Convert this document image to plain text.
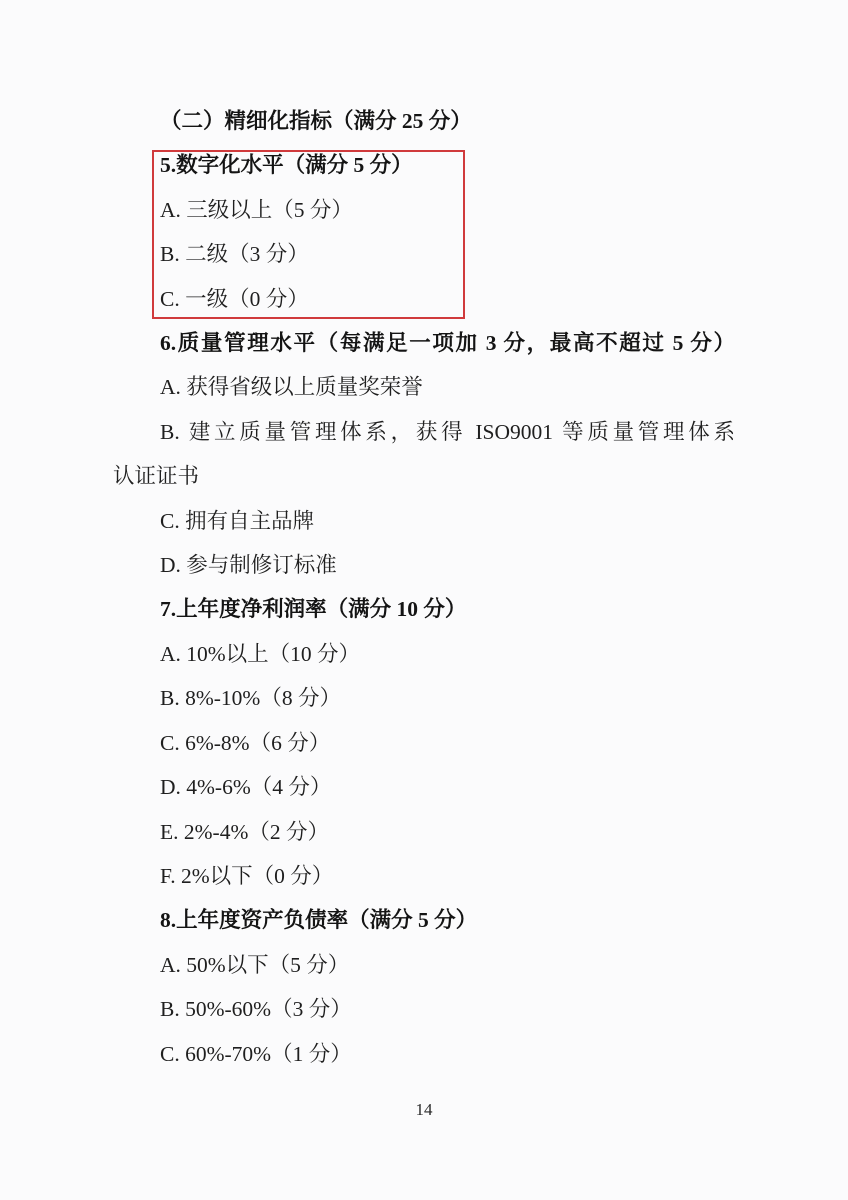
（二）精细化指标（满分 25 分）

5.数字化水平（满分 5 分）

A. 三级以上（5 分）

B. 二级（3 分）

C. 一级（0 分）

6.质量管理水平（每满足一项加 3 分，最高不超过 5 分）

A. 获得省级以上质量奖荣誉

B. 建立质量管理体系，获得 ISO9001 等质量管理体系

认证证书

C. 拥有自主品牌

D. 参与制修订标准

7.上年度净利润率（满分 10 分）

A. 10%以上（10 分）

B. 8%-10%（8 分）

C. 6%-8%（6 分）

D. 4%-6%（4 分）

E. 2%-4%（2 分）

F. 2%以下（0 分）

8.上年度资产负债率（满分 5 分）

A. 50%以下（5 分）

B. 50%-60%（3 分）

C. 60%-70%（1 分）

14
